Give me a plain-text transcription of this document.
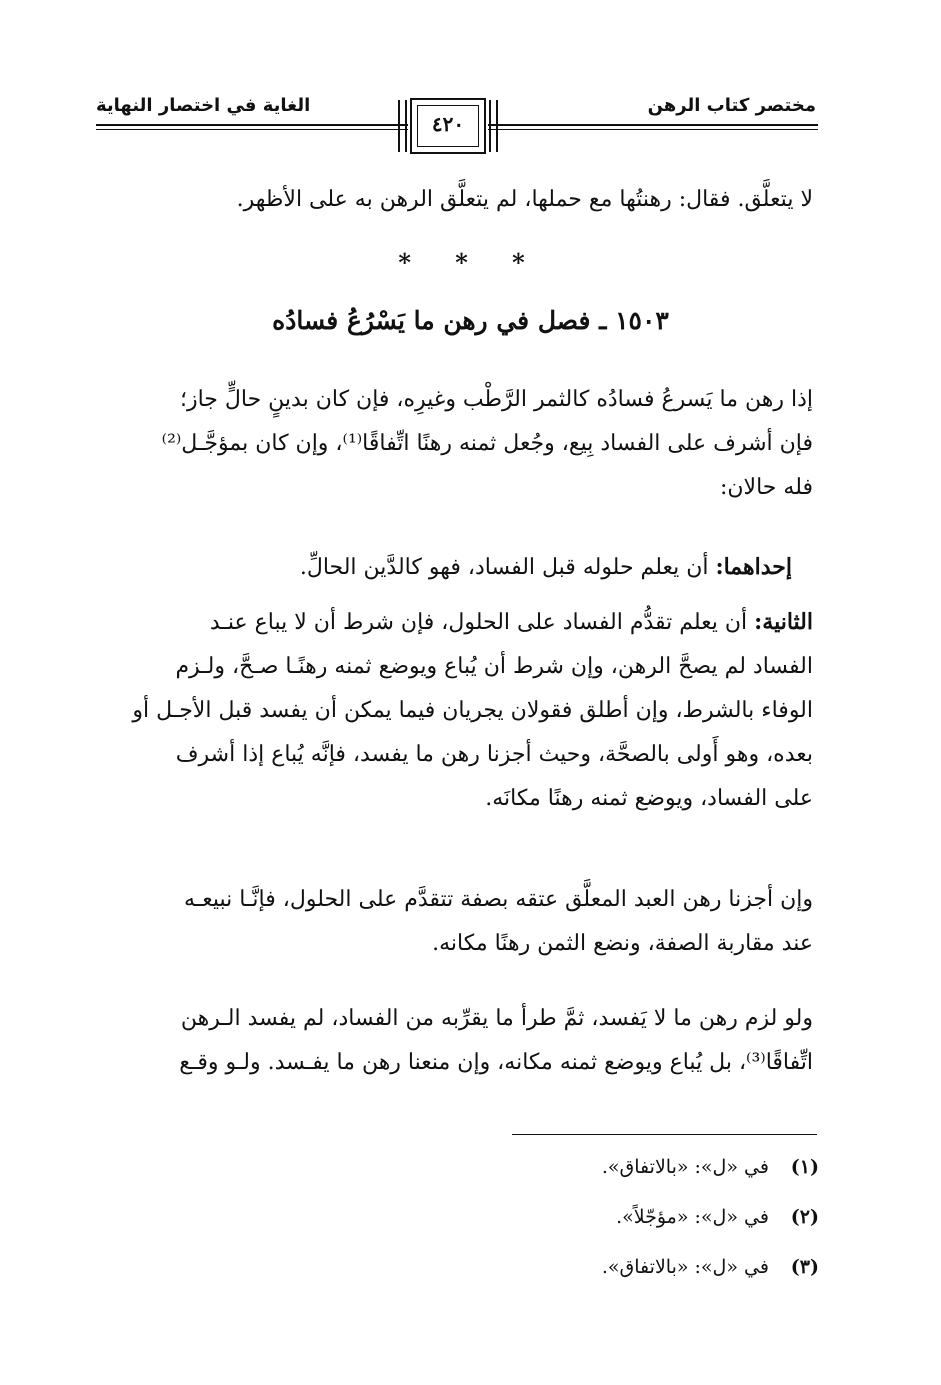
مختصر كتاب الرهن
الغاية في اختصار النهاية
٤٢٠
لا يتعلَّق. فقال: رهنتُها مع حملها، لم يتعلَّق الرهن به على الأظهر.
* * *
١٥٠٣ ـ فصل في رهن ما يَسْرُعُ فسادُه
إذا رهن ما يَسرعُ فسادُه كالثمر الرَّطْب وغيرِه، فإن كان بدينٍ حالٍّ جاز؛
فإن أشرف على الفساد بِيع، وجُعل ثمنه رهنًا اتِّفاقًا⁽¹⁾، وإن كان بمؤجَّـل⁽²⁾
فله حالان:
إحداهما: أن يعلم حلوله قبل الفساد، فهو كالدَّين الحالِّ.
الثانية: أن يعلم تقدُّم الفساد على الحلول، فإن شرط أن لا يباع عنـد
الفساد لم يصحَّ الرهن، وإن شرط أن يُباع ويوضع ثمنه رهنًـا صـحَّ، ولـزم
الوفاء بالشرط، وإن أطلق فقولان يجريان فيما يمكن أن يفسد قبل الأجـل أو
بعده، وهو أَولى بالصحَّة، وحيث أجزنا رهن ما يفسد، فإنَّه يُباع إذا أشرف
على الفساد، ويوضع ثمنه رهنًا مكانَه.
وإن أجزنا رهن العبد المعلَّق عتقه بصفة تتقدَّم على الحلول، فإنَّـا نبيعـه
عند مقاربة الصفة، ونضع الثمن رهنًا مكانه.
ولو لزم رهن ما لا يَفسد، ثمَّ طرأ ما يقرِّبه من الفساد، لم يفسد الـرهن
اتِّفاقًا⁽³⁾، بل يُباع ويوضع ثمنه مكانه، وإن منعنا رهن ما يفـسد. ولـو وقـع
(١) في «ل»: «بالاتفاق».
(٢) في «ل»: «مؤجّلاً».
(٣) في «ل»: «بالاتفاق».
